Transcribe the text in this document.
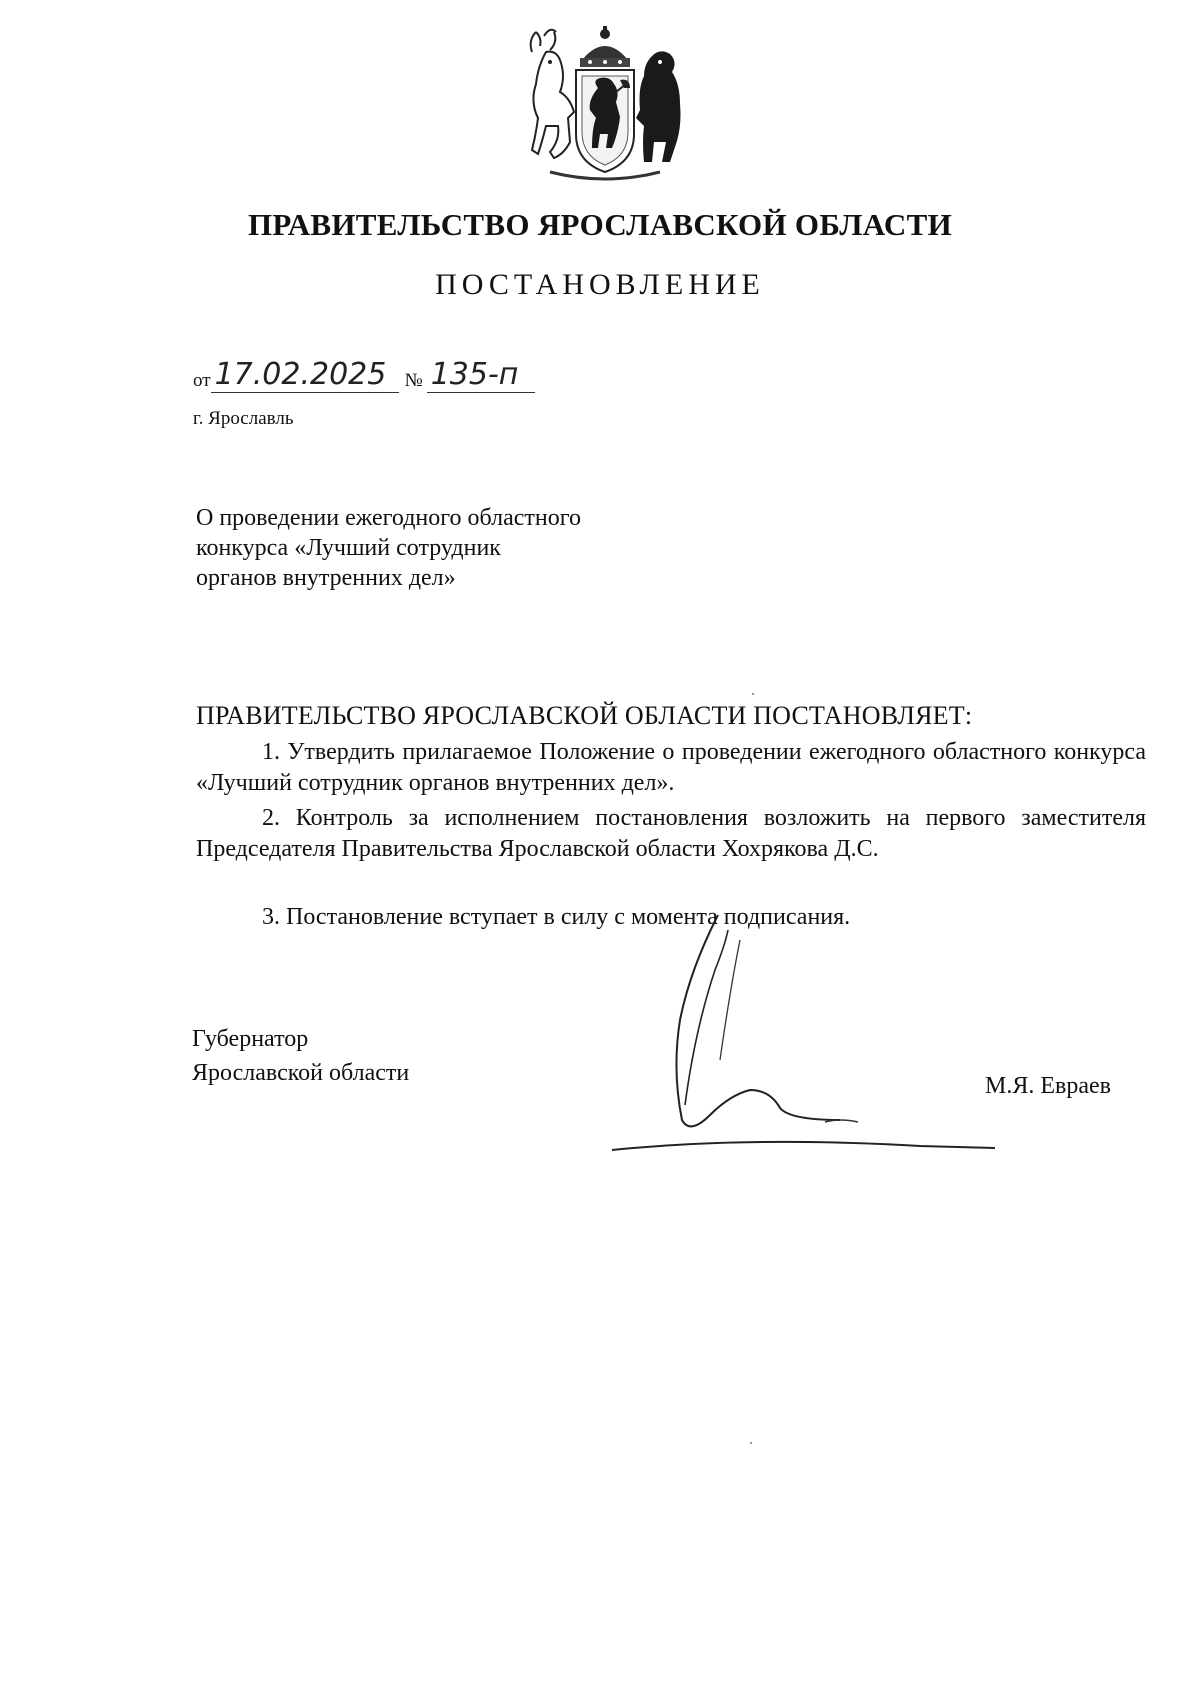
ПРАВИТЕЛЬСТВО ЯРОСЛАВСКОЙ ОБЛАСТИ
ПОСТАНОВЛЕНИЕ
от 17.02.2025 № 135-п
г. Ярославль
О проведении ежегодного областного конкурса «Лучший сотрудник органов внутренних дел»
ПРАВИТЕЛЬСТВО ЯРОСЛАВСКОЙ ОБЛАСТИ ПОСТАНОВЛЯЕТ:
1. Утвердить прилагаемое Положение о проведении ежегодного областного конкурса «Лучший сотрудник органов внутренних дел».
2. Контроль за исполнением постановления возложить на первого заместителя Председателя Правительства Ярославской области Хохрякова Д.С.
3. Постановление вступает в силу с момента подписания.
Губернатор
Ярославской области	М.Я. Евраев
